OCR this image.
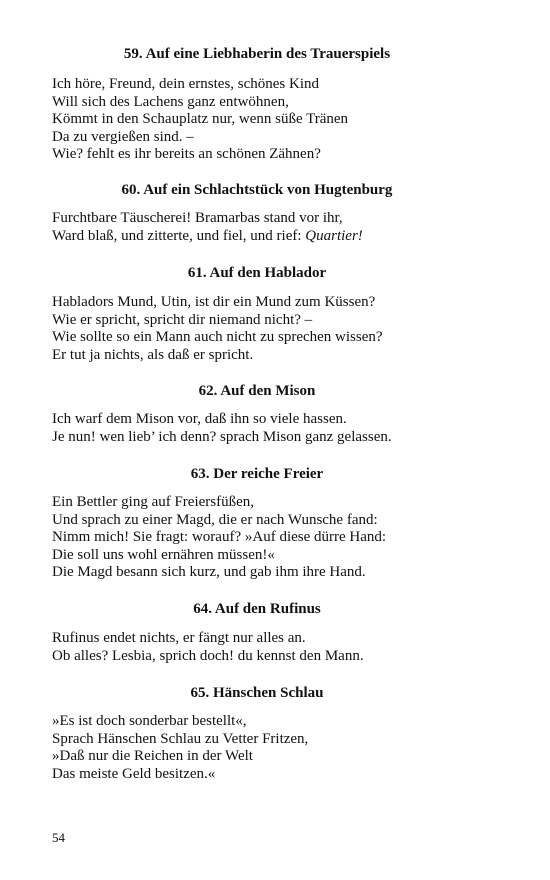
59. Auf eine Liebhaberin des Trauerspiels

Ich höre, Freund, dein ernstes, schönes Kind
Will sich des Lachens ganz entwöhnen,
Kömmt in den Schauplatz nur, wenn süße Tränen
Da zu vergießen sind. –
Wie? fehlt es ihr bereits an schönen Zähnen?

60. Auf ein Schlachtstück von Hugtenburg

Furchtbare Täuscherei! Bramarbas stand vor ihr,
Ward blaß, und zitterte, und fiel, und rief: Quartier!

61. Auf den Hablador

Habladors Mund, Utin, ist dir ein Mund zum Küssen?
Wie er spricht, spricht dir niemand nicht? –
Wie sollte so ein Mann auch nicht zu sprechen wissen?
Er tut ja nichts, als daß er spricht.

62. Auf den Mison

Ich warf dem Mison vor, daß ihn so viele hassen.
Je nun! wen lieb’ ich denn? sprach Mison ganz gelassen.

63. Der reiche Freier

Ein Bettler ging auf Freiersfüßen,
Und sprach zu einer Magd, die er nach Wunsche fand:
Nimm mich! Sie fragt: worauf? »Auf diese dürre Hand:
Die soll uns wohl ernähren müssen!«
Die Magd besann sich kurz, und gab ihm ihre Hand.

64. Auf den Rufinus

Rufinus endet nichts, er fängt nur alles an.
Ob alles? Lesbia, sprich doch! du kennst den Mann.

65. Hänschen Schlau

»Es ist doch sonderbar bestellt«,
Sprach Hänschen Schlau zu Vetter Fritzen,
»Daß nur die Reichen in der Welt
Das meiste Geld besitzen.«

54
